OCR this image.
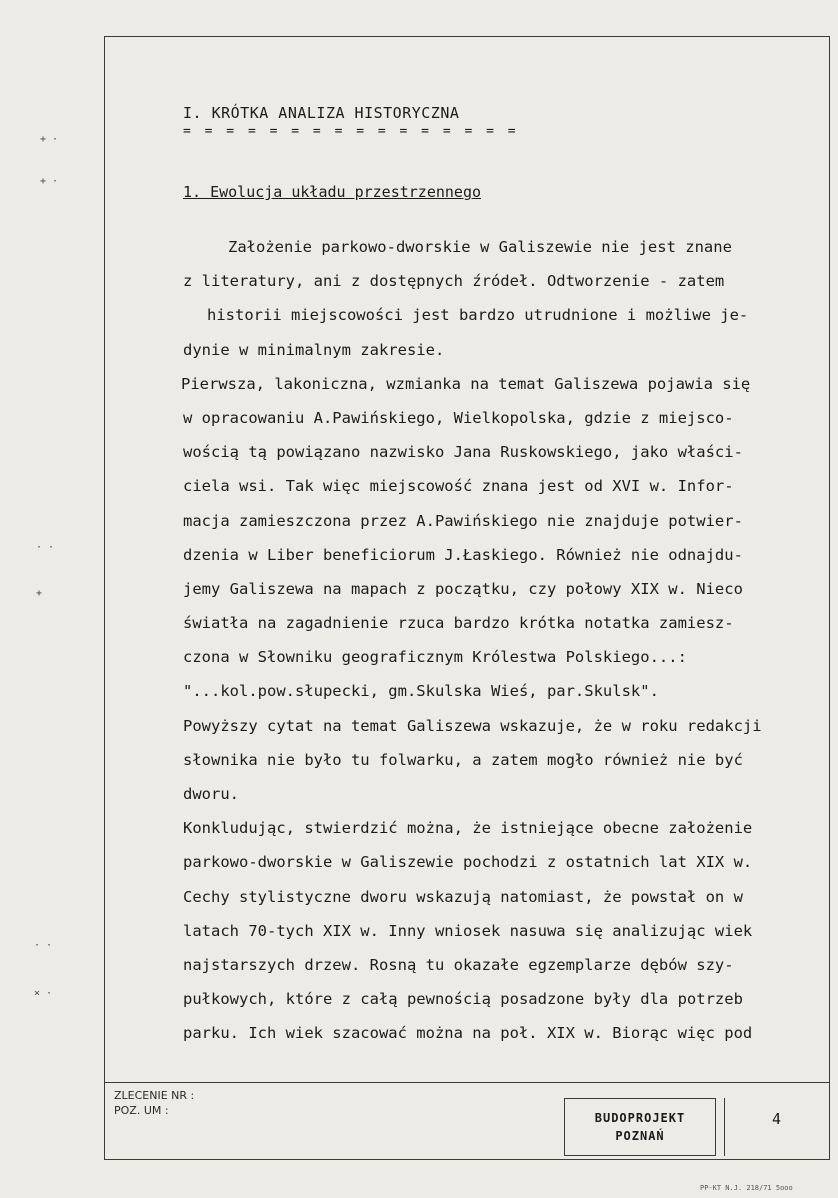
+ ·
+ ·
· ·
+
· ·
× ·
I. KRÓTKA ANALIZA HISTORYCZNA
= = = = = = = = = = = = = = = =
1. Ewolucja układu przestrzennego
Założenie parkowo-dworskie w Galiszewie nie jest znane
z literatury, ani z dostępnych źródeł. Odtworzenie - zatem
historii miejscowości jest bardzo utrudnione i możliwe je-
dynie w minimalnym zakresie.
Pierwsza, lakoniczna, wzmianka na temat Galiszewa pojawia się
w opracowaniu A.Pawińskiego, Wielkopolska, gdzie z miejsco-
wością tą powiązano nazwisko Jana Ruskowskiego, jako właści-
ciela wsi. Tak więc miejscowość znana jest od XVI w. Infor-
macja zamieszczona przez A.Pawińskiego nie znajduje potwier-
dzenia w Liber beneficiorum J.Łaskiego. Również nie odnajdu-
jemy Galiszewa na mapach z początku, czy połowy XIX w. Nieco
światła na zagadnienie rzuca bardzo krótka notatka zamiesz-
czona w Słowniku geograficznym Królestwa Polskiego...:
"...kol.pow.słupecki, gm.Skulska Wieś, par.Skulsk".
Powyższy cytat na temat Galiszewa wskazuje, że w roku redakcji
słownika nie było tu folwarku, a zatem mogło również nie być
dworu.
Konkludując, stwierdzić można, że istniejące obecne założenie
parkowo-dworskie w Galiszewie pochodzi z ostatnich lat XIX w.
Cechy stylistyczne dworu wskazują natomiast, że powstał on w
latach 70-tych XIX w. Inny wniosek nasuwa się analizując wiek
najstarszych drzew. Rosną tu okazałe egzemplarze dębów szy-
pułkowych, które z całą pewnością posadzone były dla potrzeb
parku. Ich wiek szacować można na poł. XIX w. Biorąc więc pod
ZLECENIE NR :
POZ. UM :
BUDOPROJEKT
POZNAŃ
4
PP-KT N.J. 218/71 5ooo
